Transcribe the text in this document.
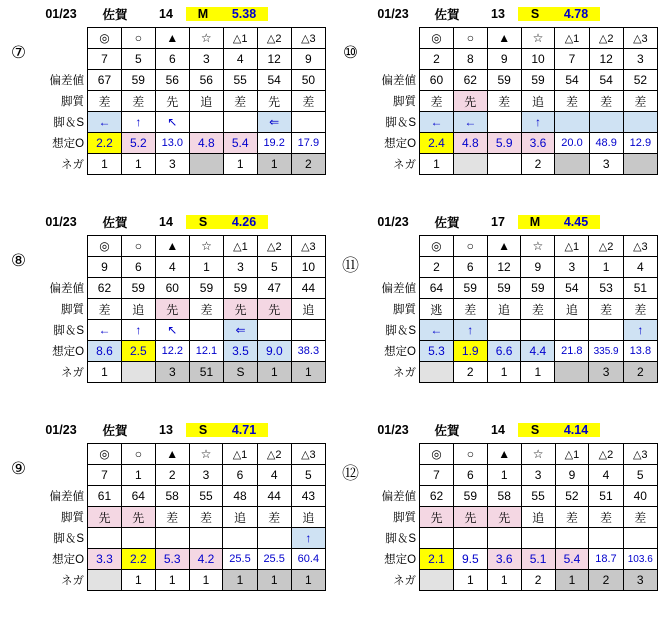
01/23	佐賀	14	M	5.38
⑦
	◎	○	▲	☆	△1	△2	△3
	7	5	6	3	4	12	9
偏差値	67	59	56	56	55	54	50
脚質	差	差	先	追	差	先	差
脚＆S	←	↑	↖			⇐	
想定O	2.2	5.2	13.0	4.8	5.4	19.2	17.9
ネガ	1	1	3		1	1	2
01/23	佐賀	13	S	4.78
⑩
	◎	○	▲	☆	△1	△2	△3
	2	8	9	10	7	12	3
偏差値	60	62	59	59	54	54	52
脚質	差	先	差	追	差	差	差
脚＆S	←	←		↑			
想定O	2.4	4.8	5.9	3.6	20.0	48.9	12.9
ネガ	1			2		3	
01/23	佐賀	14	S	4.26
⑧
	◎	○	▲	☆	△1	△2	△3
	9	6	4	1	3	5	10
偏差値	62	59	60	59	59	47	44
脚質	差	追	先	差	先	先	追
脚＆S	←	↑	↖		⇐		
想定O	8.6	2.5	12.2	12.1	3.5	9.0	38.3
ネガ	1		3	51	S	1	1
01/23	佐賀	17	M	4.45
⑪
	◎	○	▲	☆	△1	△2	△3
	2	6	12	9	3	1	4
偏差値	64	59	59	59	54	53	51
脚質	逃	差	追	差	追	差	差
脚＆S	←	↑					↑
想定O	5.3	1.9	6.6	4.4	21.8	335.9	13.8
ネガ		2	1	1		3	2
01/23	佐賀	13	S	4.71
⑨
	◎	○	▲	☆	△1	△2	△3
	7	1	2	3	6	4	5
偏差値	61	64	58	55	48	44	43
脚質	先	先	差	差	追	差	追
脚＆S							↑
想定O	3.3	2.2	5.3	4.2	25.5	25.5	60.4
ネガ		1	1	1	1	1	1
01/23	佐賀	14	S	4.14
⑫
	◎	○	▲	☆	△1	△2	△3
	7	6	1	3	9	4	5
偏差値	62	59	58	55	52	51	40
脚質	先	先	先	追	差	差	差
脚＆S							
想定O	2.1	9.5	3.6	5.1	5.4	18.7	103.6
ネガ		1	1	2	1	2	3
